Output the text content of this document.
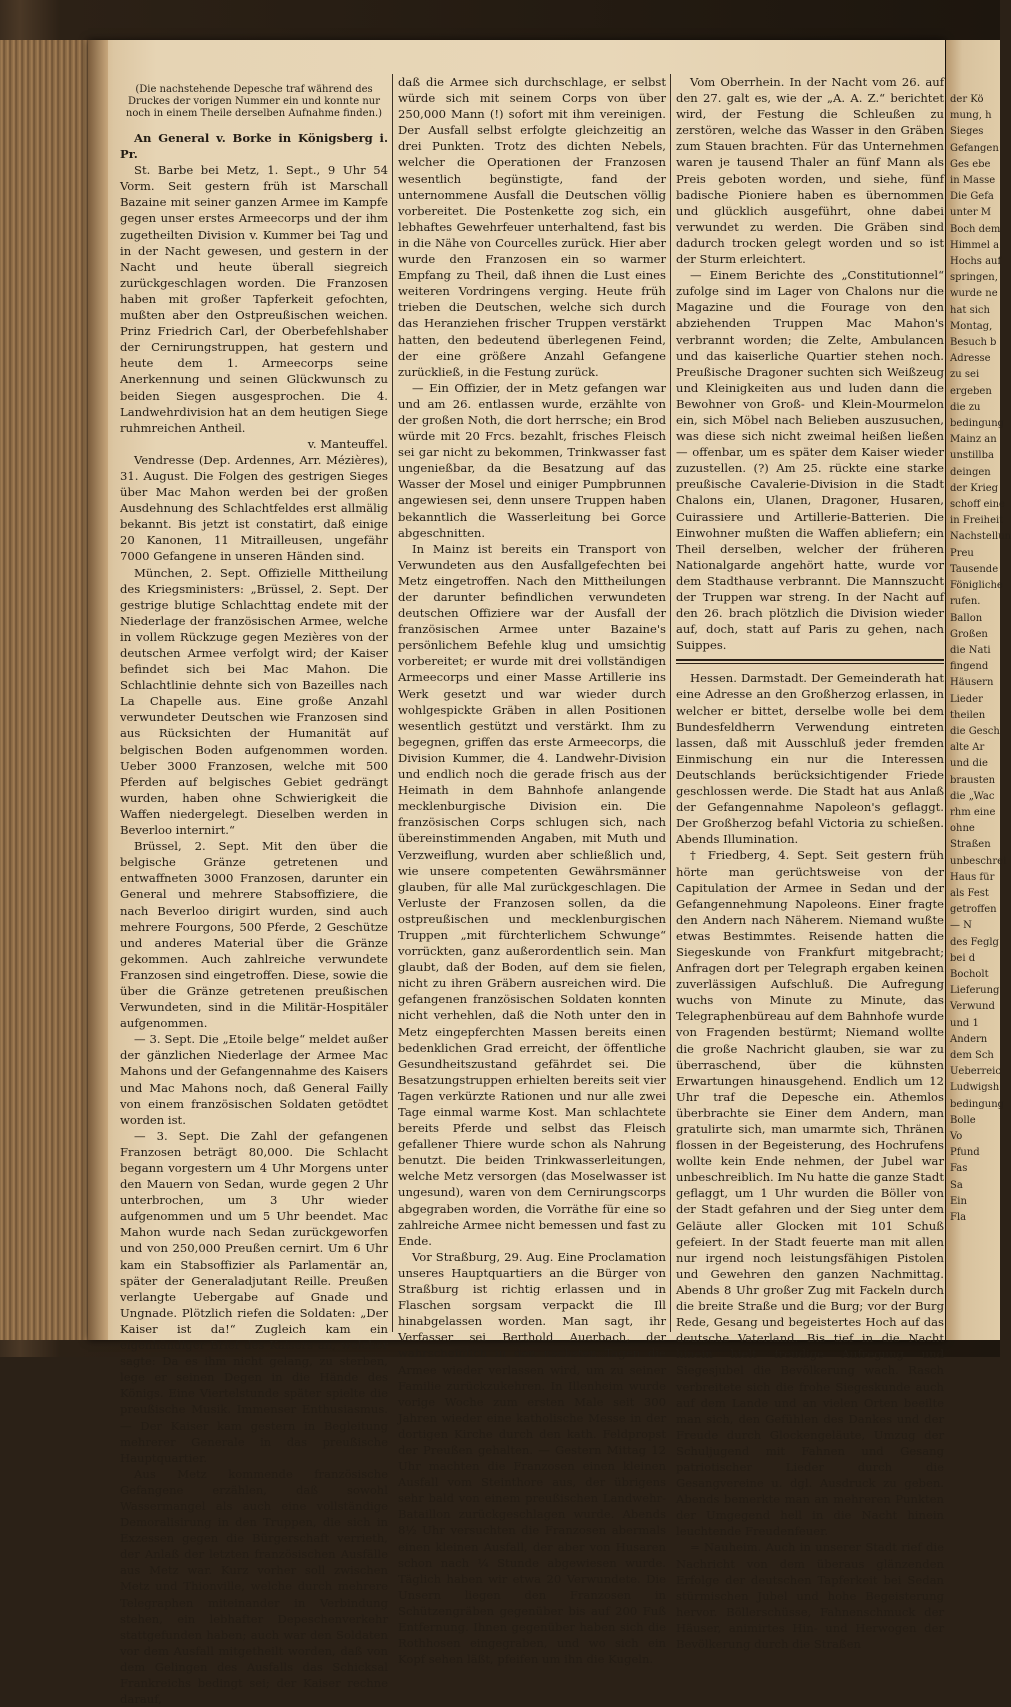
(Die nachstehende Depesche traf während des Druckes der vorigen Nummer ein und konnte nur noch in einem Theile derselben Aufnahme finden.)

An General v. Borke in Königsberg i. Pr.

St. Barbe bei Metz, 1. Sept., 9 Uhr 54 Vorm. Seit gestern früh ist Marschall Bazaine mit seiner ganzen Armee im Kampfe gegen unser erstes Armeecorps und der ihm zugetheilten Division v. Kummer bei Tag und in der Nacht gewesen, und gestern in der Nacht und heute überall siegreich zurückgeschlagen worden. Die Franzosen haben mit großer Tapferkeit gefochten, mußten aber den Ostpreußischen weichen. Prinz Friedrich Carl, der Oberbefehlshaber der Cernirungstruppen, hat gestern und heute dem 1. Armeecorps seine Anerkennung und seinen Glückwunsch zu beiden Siegen ausgesprochen. Die 4. Landwehrdivision hat an dem heutigen Siege ruhmreichen Antheil.

v. Manteuffel.

Vendresse (Dep. Ardennes, Arr. Mézières), 31. August. Die Folgen des gestrigen Sieges über Mac Mahon werden bei der großen Ausdehnung des Schlachtfeldes erst allmälig bekannt. Bis jetzt ist constatirt, daß einige 20 Kanonen, 11 Mitrailleusen, ungefähr 7000 Gefangene in unseren Händen sind.

München, 2. Sept. Offizielle Mittheilung des Kriegsministers: „Brüssel, 2. Sept. Der gestrige blutige Schlachttag endete mit der Niederlage der französischen Armee, welche in vollem Rückzuge gegen Mezières von der deutschen Armee verfolgt wird; der Kaiser befindet sich bei Mac Mahon. Die Schlachtlinie dehnte sich von Bazeilles nach La Chapelle aus. Eine große Anzahl verwundeter Deutschen wie Franzosen sind aus Rücksichten der Humanität auf belgischen Boden aufgenommen worden. Ueber 3000 Franzosen, welche mit 500 Pferden auf belgisches Gebiet gedrängt wurden, haben ohne Schwierigkeit die Waffen niedergelegt. Dieselben werden in Beverloo internirt.“

Brüssel, 2. Sept. Mit den über die belgische Gränze getretenen und entwaffneten 3000 Franzosen, darunter ein General und mehrere Stabsoffiziere, die nach Beverloo dirigirt wurden, sind auch mehrere Fourgons, 500 Pferde, 2 Geschütze und anderes Material über die Gränze gekommen. Auch zahlreiche verwundete Franzosen sind eingetroffen. Diese, sowie die über die Gränze getretenen preußischen Verwundeten, sind in die Militär-Hospitäler aufgenommen.

— 3. Sept. Die „Etoile belge“ meldet außer der gänzlichen Niederlage der Armee Mac Mahons und der Gefangennahme des Kaisers und Mac Mahons noch, daß General Failly von einem französischen Soldaten getödtet worden ist.

— 3. Sept. Die Zahl der gefangenen Franzosen beträgt 80,000. Die Schlacht begann vorgestern um 4 Uhr Morgens unter den Mauern von Sedan, wurde gegen 2 Uhr unterbrochen, um 3 Uhr wieder aufgenommen und um 5 Uhr beendet. Mac Mahon wurde nach Sedan zurückgeworfen und von 250,000 Preußen cernirt. Um 6 Uhr kam ein Stabsoffizier als Parlamentär an, später der Generaladjutant Reille. Preußen verlangte Uebergabe auf Gnade und Ungnade. Plötzlich riefen die Soldaten: „Der Kaiser ist da!“ Zugleich kam ein eigenhändiger Brief des Kaisers an, welcher sagte: Da es ihm nicht gelang, zu sterben, lege er seinen Degen in die Hände des Königs. Eine Viertelstunde später spielte die preußische Musik. Immenser Enthusiasmus. — Der Kaiser kam gestern in Begleitung mehrerer Generale in das preußische Hauptquartier.

Aus Metz kommende französische Gefangene erzählen, daß sowohl Wassermangel als auch eine vollständige Demoralisirung in den Truppen, die sich in Exzessen gegen die Bürgerschaft verrieth, der Anlaß der letzten französischen Ausfälle aus Metz war. Kurz vorher soll zwischen Metz und Thionville, welche durch mehrere Telegraphen miteinander in Verbindung stehen, ein lebhafter Depeschenverkehr stattgefunden haben; auch war den Soldaten vor dem Ausfall mitgetheilt worden, daß von dem Gelingen des Ausfalls das Schicksal Frankreichs bedingt sei; der Kaiser rechne darauf,

daß die Armee sich durchschlage, er selbst würde sich mit seinem Corps von über 250,000 Mann (!) sofort mit ihm vereinigen. Der Ausfall selbst erfolgte gleichzeitig an drei Punkten. Trotz des dichten Nebels, welcher die Operationen der Franzosen wesentlich begünstigte, fand der unternommene Ausfall die Deutschen völlig vorbereitet. Die Postenkette zog sich, ein lebhaftes Gewehrfeuer unterhaltend, fast bis in die Nähe von Courcelles zurück. Hier aber wurde den Franzosen ein so warmer Empfang zu Theil, daß ihnen die Lust eines weiteren Vordringens verging. Heute früh trieben die Deutschen, welche sich durch das Heranziehen frischer Truppen verstärkt hatten, den bedeutend überlegenen Feind, der eine größere Anzahl Gefangene zurückließ, in die Festung zurück.

— Ein Offizier, der in Metz gefangen war und am 26. entlassen wurde, erzählte von der großen Noth, die dort herrsche; ein Brod würde mit 20 Frcs. bezahlt, frisches Fleisch sei gar nicht zu bekommen, Trinkwasser fast ungenießbar, da die Besatzung auf das Wasser der Mosel und einiger Pumpbrunnen angewiesen sei, denn unsere Truppen haben bekanntlich die Wasserleitung bei Gorce abgeschnitten.

In Mainz ist bereits ein Transport von Verwundeten aus den Ausfallgefechten bei Metz eingetroffen. Nach den Mittheilungen der darunter befindlichen verwundeten deutschen Offiziere war der Ausfall der französischen Armee unter Bazaine's persönlichem Befehle klug und umsichtig vorbereitet; er wurde mit drei vollständigen Armeecorps und einer Masse Artillerie ins Werk gesetzt und war wieder durch wohlgespickte Gräben in allen Positionen wesentlich gestützt und verstärkt. Ihm zu begegnen, griffen das erste Armeecorps, die Division Kummer, die 4. Landwehr-Division und endlich noch die gerade frisch aus der Heimath in dem Bahnhofe anlangende mecklenburgische Division ein. Die französischen Corps schlugen sich, nach übereinstimmenden Angaben, mit Muth und Verzweiflung, wurden aber schließlich und, wie unsere competenten Gewährsmänner glauben, für alle Mal zurückgeschlagen. Die Verluste der Franzosen sollen, da die ostpreußischen und mecklenburgischen Truppen „mit fürchterlichem Schwunge“ vorrückten, ganz außerordentlich sein. Man glaubt, daß der Boden, auf dem sie fielen, nicht zu ihren Gräbern ausreichen wird. Die gefangenen französischen Soldaten konnten nicht verhehlen, daß die Noth unter den in Metz eingepferchten Massen bereits einen bedenklichen Grad erreicht, der öffentliche Gesundheitszustand gefährdet sei. Die Besatzungstruppen erhielten bereits seit vier Tagen verkürzte Rationen und nur alle zwei Tage einmal warme Kost. Man schlachtete bereits Pferde und selbst das Fleisch gefallener Thiere wurde schon als Nahrung benutzt. Die beiden Trinkwasserleitungen, welche Metz versorgen (das Moselwasser ist ungesund), waren von dem Cernirungscorps abgegraben worden, die Vorräthe für eine so zahlreiche Armee nicht bemessen und fast zu Ende.

Vor Straßburg, 29. Aug. Eine Proclamation unseres Hauptquartiers an die Bürger von Straßburg ist richtig erlassen und in Flaschen sorgsam verpackt die Ill hinabgelassen worden. Man sagt, ihr Verfasser sei Berthold Auerbach, der wahrscheinlich in den nächsten Tagen die Armee wieder verlassen wird, um zu seiner Familie zurückzukehren. In Illenheim wurde vorige Woche zum ersten Male seit 300 Jahren wieder eine katholische Messe in der dortigen Kirche durch den kath. Feldpropst der Preußen gehalten. — Gestern Mittag 12 Uhr machten die Franzosen einen kleinen Ausfall vom Steinthore aus, der übrigens sehr bald von einem preußischen Landwehr-Bataillon zurückgeschlagen wurde. Abends 8½ Uhr versuchten die Franzosen abermals einen kleinen Ausfall, der aber von Husaren schon nach ¼ Stunde abgewiesen wurde. Täglich haben wir etwa 20 Verwundete. Die Unsern liegen den Franzosen in Schützengräben gegenüber bis auf 200 Fuß Entfernung. Ihnen gegenüber haben sich die Rothhosen eingegraben, und wo sich ein Kopf sehen läßt, pfeifen um ihn die Kugeln.

Vom Oberrhein. In der Nacht vom 26. auf den 27. galt es, wie der „A. A. Z.“ berichtet wird, der Festung die Schleußen zu zerstören, welche das Wasser in den Gräben zum Stauen brachten. Für das Unternehmen waren je tausend Thaler an fünf Mann als Preis geboten worden, und siehe, fünf badische Pioniere haben es übernommen und glücklich ausgeführt, ohne dabei verwundet zu werden. Die Gräben sind dadurch trocken gelegt worden und so ist der Sturm erleichtert.

— Einem Berichte des „Constitutionnel“ zufolge sind im Lager von Chalons nur die Magazine und die Fourage von den abziehenden Truppen Mac Mahon's verbrannt worden; die Zelte, Ambulancen und das kaiserliche Quartier stehen noch. Preußische Dragoner suchten sich Weißzeug und Kleinigkeiten aus und luden dann die Bewohner von Groß- und Klein-Mourmelon ein, sich Möbel nach Belieben auszusuchen, was diese sich nicht zweimal heißen ließen — offenbar, um es später dem Kaiser wieder zuzustellen. (?) Am 25. rückte eine starke preußische Cavalerie-Division in die Stadt Chalons ein, Ulanen, Dragoner, Husaren, Cuirassiere und Artillerie-Batterien. Die Einwohner mußten die Waffen abliefern; ein Theil derselben, welcher der früheren Nationalgarde angehört hatte, wurde vor dem Stadthause verbrannt. Die Mannszucht der Truppen war streng. In der Nacht auf den 26. brach plötzlich die Division wieder auf, doch, statt auf Paris zu gehen, nach Suippes.

Hessen. Darmstadt. Der Gemeinderath hat eine Adresse an den Großherzog erlassen, in welcher er bittet, derselbe wolle bei dem Bundesfeldherrn Verwendung eintreten lassen, daß mit Ausschluß jeder fremden Einmischung ein nur die Interessen Deutschlands berücksichtigender Friede geschlossen werde. Die Stadt hat aus Anlaß der Gefangennahme Napoleon's geflaggt. Der Großherzog befahl Victoria zu schießen. Abends Illumination.

† Friedberg, 4. Sept. Seit gestern früh hörte man gerüchtsweise von der Capitulation der Armee in Sedan und der Gefangennehmung Napoleons. Einer fragte den Andern nach Näherem. Niemand wußte etwas Bestimmtes. Reisende hatten die Siegeskunde von Frankfurt mitgebracht; Anfragen dort per Telegraph ergaben keinen zuverlässigen Aufschluß. Die Aufregung wuchs von Minute zu Minute, das Telegraphenbüreau auf dem Bahnhofe wurde von Fragenden bestürmt; Niemand wollte die große Nachricht glauben, sie war zu überraschend, über die kühnsten Erwartungen hinausgehend. Endlich um 12 Uhr traf die Depesche ein. Athemlos überbrachte sie Einer dem Andern, man gratulirte sich, man umarmte sich, Thränen flossen in der Begeisterung, des Hochrufens wollte kein Ende nehmen, der Jubel war unbeschreiblich. Im Nu hatte die ganze Stadt geflaggt, um 1 Uhr wurden die Böller von der Stadt gefahren und der Sieg unter dem Geläute aller Glocken mit 101 Schuß gefeiert. In der Stadt feuerte man mit allen nur irgend noch leistungsfähigen Pistolen und Gewehren den ganzen Nachmittag. Abends 8 Uhr großer Zug mit Fackeln durch die breite Straße und die Burg; vor der Burg Rede, Gesang und begeistertes Hoch auf das deutsche Vaterland. Bis tief in die Nacht hinein hielt freudige Aufregung und Siegesjubel die Bevölkerung wach. Rasch verbreitete sich die frohe Siegeskunde auch auf dem Lande und an vielen Orten beeilte man sich, den Gefühlen des Dankes und der Freude durch Glockengeläute, Umzug der Schuljugend mit Fahnen und Gesang patriotischer Lieder durch die Gesangvereine u. dgl. Ausdruck zu geben. Abends bemerkte man an mehreren Punkten der Umgegend hell in die Nacht hinein leuchtende Freudenfeuer.

= Nauheim. Auch in unserer Stadt rief die Nachricht von dem überaus glänzenden Erfolge der deutschen Tapferkeit bei Sedan stürmischen Jubel und hohe Begeisterung hervor. Böllerschüsse, Fahnenschmuck der Häuser, animirtes Hin- und Herwogen der Bevölkerung durch die Straßen

der Kö
mung, h
Sieges
Gefangen
Ges ebe
in Masse
Die Gefa
unter M
Boch dem
Himmel a
Hochs auf
springen,
wurde ne
hat sich
Montag,
Besuch b
Adresse
zu sei
ergeben
die zu
bedingung
Mainz an
unstillba
deingen
der Krieg
schoff eine
in Freiheit
Nachstellun
Preu
Tausende
Fönigliche
rufen.
Ballon
Großen
die Nati
fingend
Häusern
Lieder
theilen
die Gesch
alte Ar
und die
brausten
die „Wac
rhm eine
ohne
Straßen
unbeschrei
Haus für
als Fest
getroffen
— N
des Feglg
bei d
Bocholt
Lieferung
Verwund
und 1
Andern
dem Sch
Ueberreic
Ludwigsh
bedingung
Bolle
Vo
Pfund
Fas
Sa
Ein
Fla
